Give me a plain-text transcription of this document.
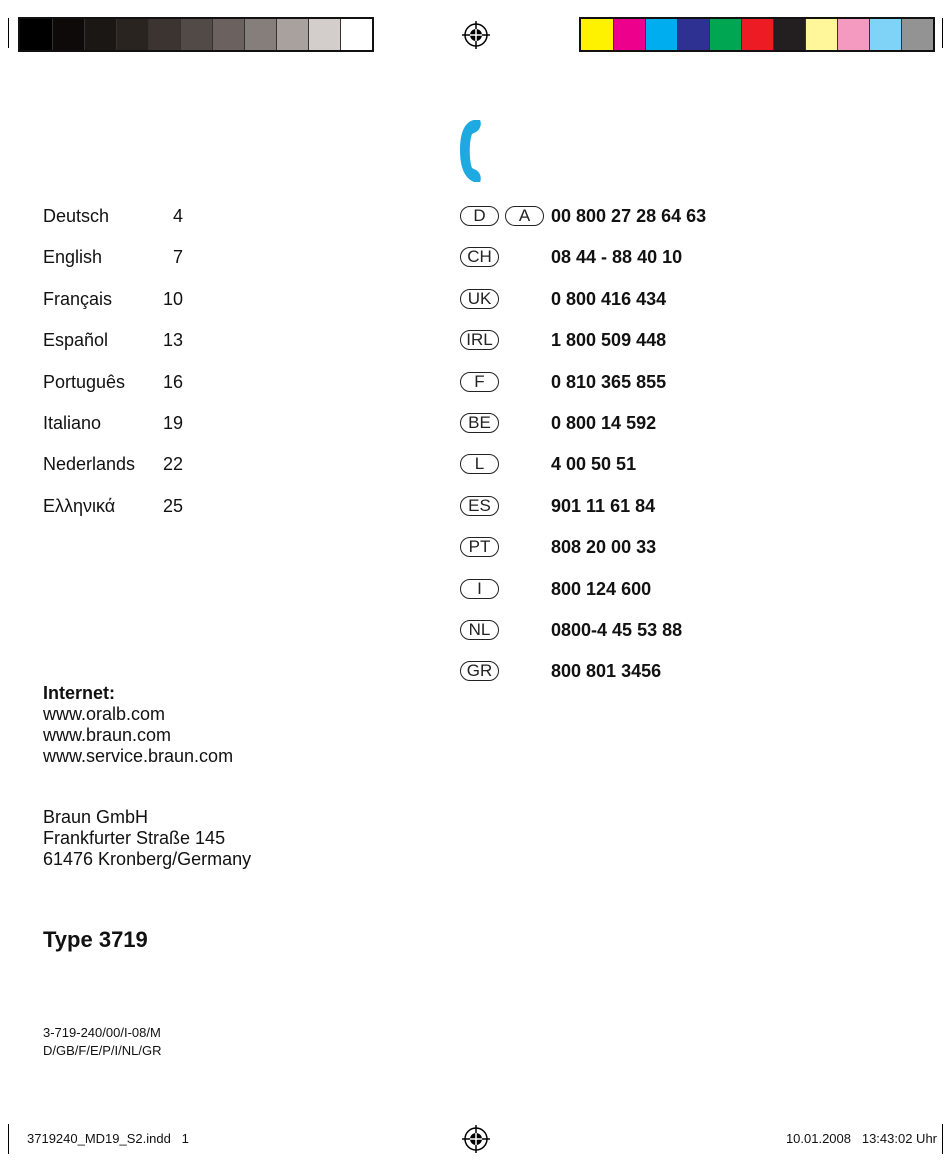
Deutsch	4
English	7
Français	10
Español	13
Português 16
Italiano	19
Nederlands 22
Ελληνικά	25
D	A	00 800 27 28 64 63
CH	08 44 - 88 40 10
UK	0 800 416 434
IRL	1 800 509 448
F	0 810 365 855
BE	0 800 14 592
L	4 00 50 51
ES	901 11 61 84
PT	808 20 00 33
I	800 124 600
NL	0800-4 45 53 88
GR	800 801 3456
Internet:
www.oralb.com
www.braun.com
www.service.braun.com
Braun GmbH
Frankfurter Straße 145
61476 Kronberg/Germany
Type 3719
3-719-240/00/I-08/M
D/GB/F/E/P/I/NL/GR
3719240_MD19_S2.indd   1	10.01.2008   13:43:02 Uhr
